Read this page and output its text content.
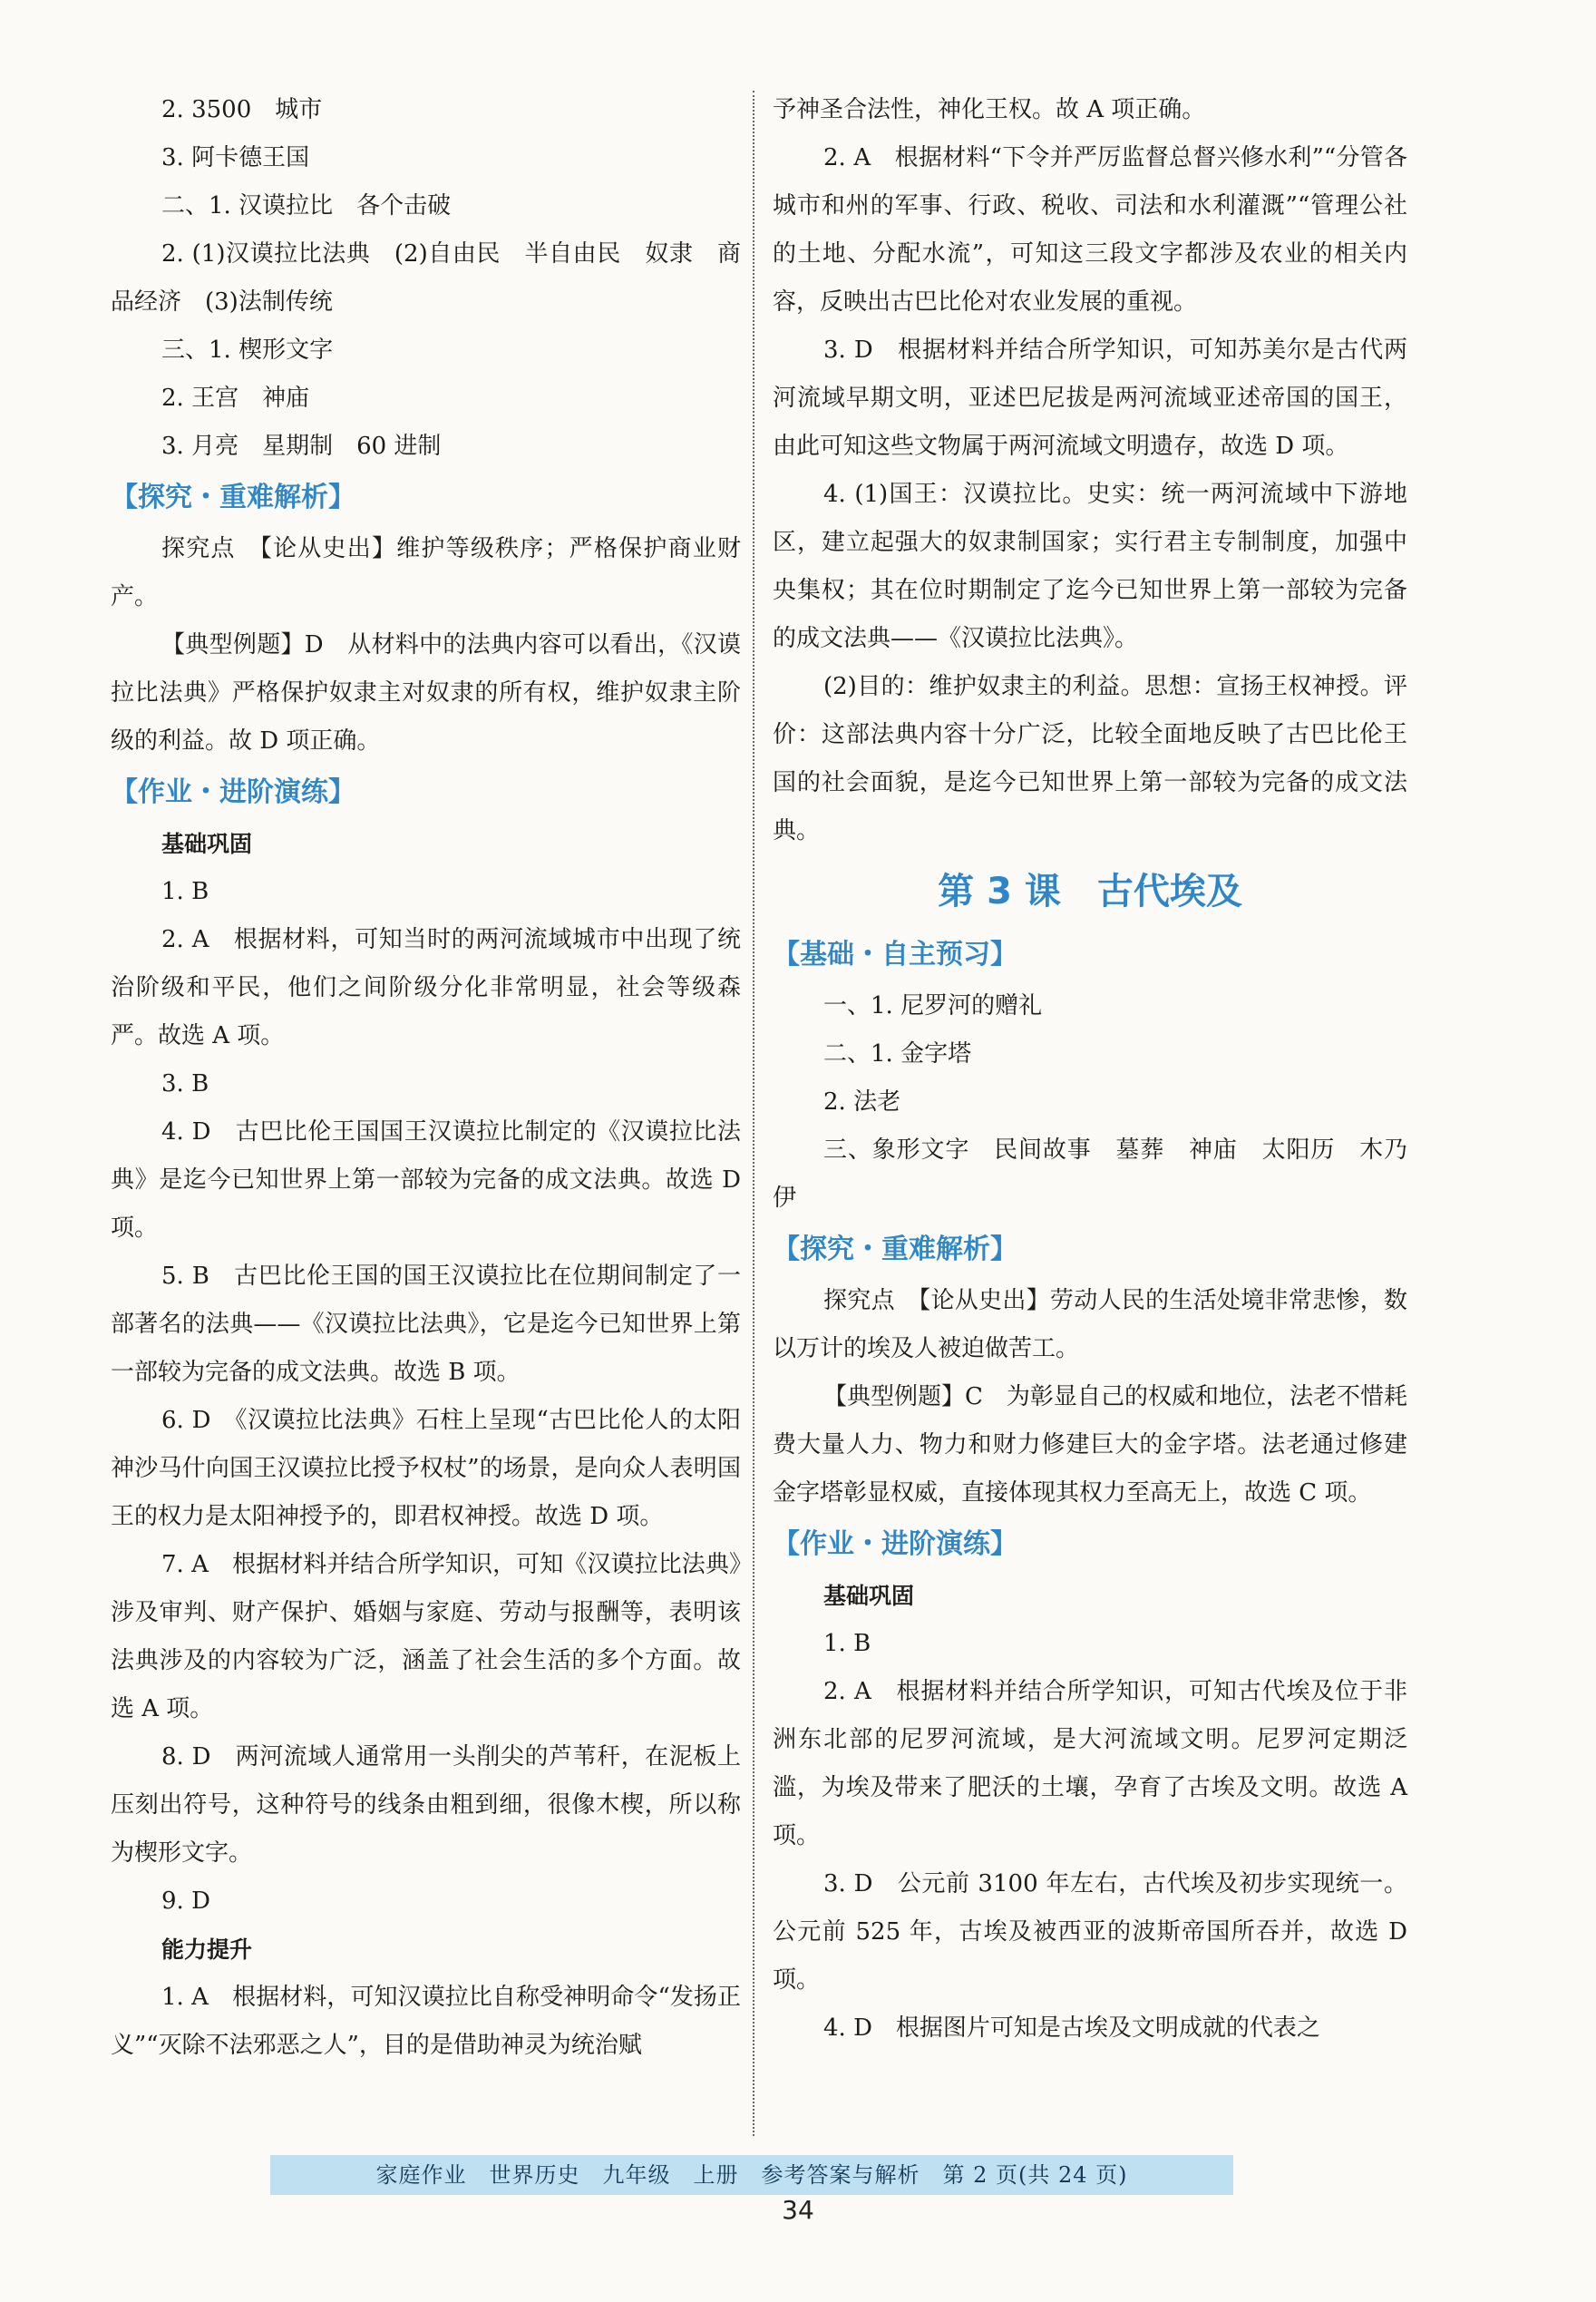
2. 3500　城市

3. 阿卡德王国

二、1. 汉谟拉比　各个击破

2. (1)汉谟拉比法典　(2)自由民　半自由民　奴隶　商品经济　(3)法制传统

三、1. 楔形文字

2. 王宫　神庙

3. 月亮　星期制　60 进制

【探究・重难解析】

探究点　【论从史出】维护等级秩序；严格保护商业财产。

【典型例题】D　从材料中的法典内容可以看出，《汉谟拉比法典》严格保护奴隶主对奴隶的所有权，维护奴隶主阶级的利益。故 D 项正确。

【作业・进阶演练】
基础巩固

1. B

2. A　根据材料，可知当时的两河流域城市中出现了统治阶级和平民，他们之间阶级分化非常明显，社会等级森严。故选 A 项。

3. B

4. D　古巴比伦王国国王汉谟拉比制定的《汉谟拉比法典》是迄今已知世界上第一部较为完备的成文法典。故选 D 项。

5. B　古巴比伦王国的国王汉谟拉比在位期间制定了一部著名的法典——《汉谟拉比法典》，它是迄今已知世界上第一部较为完备的成文法典。故选 B 项。

6. D　《汉谟拉比法典》石柱上呈现“古巴比伦人的太阳神沙马什向国王汉谟拉比授予权杖”的场景，是向众人表明国王的权力是太阳神授予的，即君权神授。故选 D 项。

7. A　根据材料并结合所学知识，可知《汉谟拉比法典》涉及审判、财产保护、婚姻与家庭、劳动与报酬等，表明该法典涉及的内容较为广泛，涵盖了社会生活的多个方面。故选 A 项。

8. D　两河流域人通常用一头削尖的芦苇秆，在泥板上压刻出符号，这种符号的线条由粗到细，很像木楔，所以称为楔形文字。

9. D

能力提升

1. A　根据材料，可知汉谟拉比自称受神明命令“发扬正义”“灭除不法邪恶之人”，目的是借助神灵为统治赋

予神圣合法性，神化王权。故 A 项正确。

2. A　根据材料“下令并严厉监督总督兴修水利”“分管各城市和州的军事、行政、税收、司法和水利灌溉”“管理公社的土地、分配水流”，可知这三段文字都涉及农业的相关内容，反映出古巴比伦对农业发展的重视。

3. D　根据材料并结合所学知识，可知苏美尔是古代两河流域早期文明，亚述巴尼拔是两河流域亚述帝国的国王，由此可知这些文物属于两河流域文明遗存，故选 D 项。

4. (1)国王：汉谟拉比。史实：统一两河流域中下游地区，建立起强大的奴隶制国家；实行君主专制制度，加强中央集权；其在位时期制定了迄今已知世界上第一部较为完备的成文法典——《汉谟拉比法典》。

(2)目的：维护奴隶主的利益。思想：宣扬王权神授。评价：这部法典内容十分广泛，比较全面地反映了古巴比伦王国的社会面貌，是迄今已知世界上第一部较为完备的成文法典。

第 3 课　古代埃及
【基础・自主预习】

一、1. 尼罗河的赠礼

二、1. 金字塔

2. 法老

三、象形文字　民间故事　墓葬　神庙　太阳历　木乃伊

【探究・重难解析】

探究点　【论从史出】劳动人民的生活处境非常悲惨，数以万计的埃及人被迫做苦工。

【典型例题】C　为彰显自己的权威和地位，法老不惜耗费大量人力、物力和财力修建巨大的金字塔。法老通过修建金字塔彰显权威，直接体现其权力至高无上，故选 C 项。

【作业・进阶演练】
基础巩固

1. B

2. A　根据材料并结合所学知识，可知古代埃及位于非洲东北部的尼罗河流域，是大河流域文明。尼罗河定期泛滥，为埃及带来了肥沃的土壤，孕育了古埃及文明。故选 A 项。

3. D　公元前 3100 年左右，古代埃及初步实现统一。公元前 525 年，古埃及被西亚的波斯帝国所吞并，故选 D 项。

4. D　根据图片可知是古埃及文明成就的代表之

家庭作业　世界历史　九年级　上册　参考答案与解析　第 2 页(共 24 页)
34
